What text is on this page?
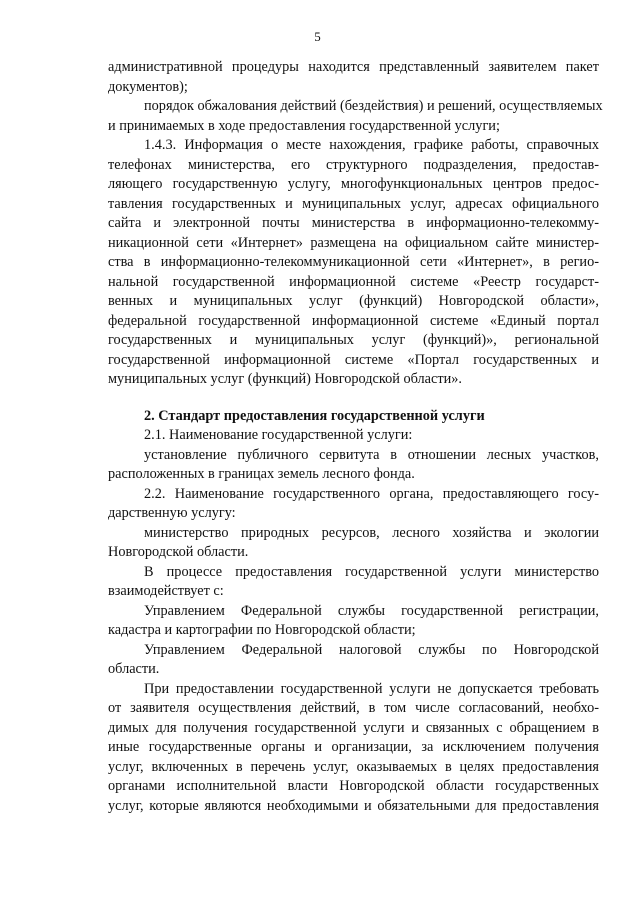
5
административной процедуры находится представленный заявителем пакет
документов);
порядок обжалования действий (бездействия) и решений, осуществляемых
и принимаемых в ходе предоставления государственной услуги;
1.4.3. Информация о месте нахождения, графике работы, справочных
телефонах министерства, его структурного подразделения, предостав-
ляющего государственную услугу, многофункциональных центров предос-
тавления государственных и муниципальных услуг, адресах официального
сайта и электронной почты министерства в информационно-телекомму-
никационной сети «Интернет» размещена на официальном сайте министер-
ства в информационно-телекоммуникационной сети «Интернет», в регио-
нальной государственной информационной системе «Реестр государст-
венных и муниципальных услуг (функций) Новгородской области»,
федеральной государственной информационной системе «Единый портал
государственных и муниципальных услуг (функций)», региональной
государственной информационной системе «Портал государственных и
муниципальных услуг (функций) Новгородской области».
2. Стандарт предоставления государственной услуги
2.1. Наименование государственной услуги:
установление публичного сервитута в отношении лесных участков,
расположенных в границах земель лесного фонда.
2.2. Наименование государственного органа, предоставляющего госу-
дарственную услугу:
министерство природных ресурсов, лесного хозяйства и экологии
Новгородской области.
В процессе предоставления государственной услуги министерство
взаимодействует с:
Управлением Федеральной службы государственной регистрации,
кадастра и картографии по Новгородской области;
Управлением Федеральной налоговой службы по Новгородской
области.
При предоставлении государственной услуги не допускается требовать
от заявителя осуществления действий, в том числе согласований, необхо-
димых для получения государственной услуги и связанных с обращением в
иные государственные органы и организации, за исключением получения
услуг, включенных в перечень услуг, оказываемых в целях предоставления
органами исполнительной власти Новгородской области государственных
услуг, которые являются необходимыми и обязательными для предоставления
